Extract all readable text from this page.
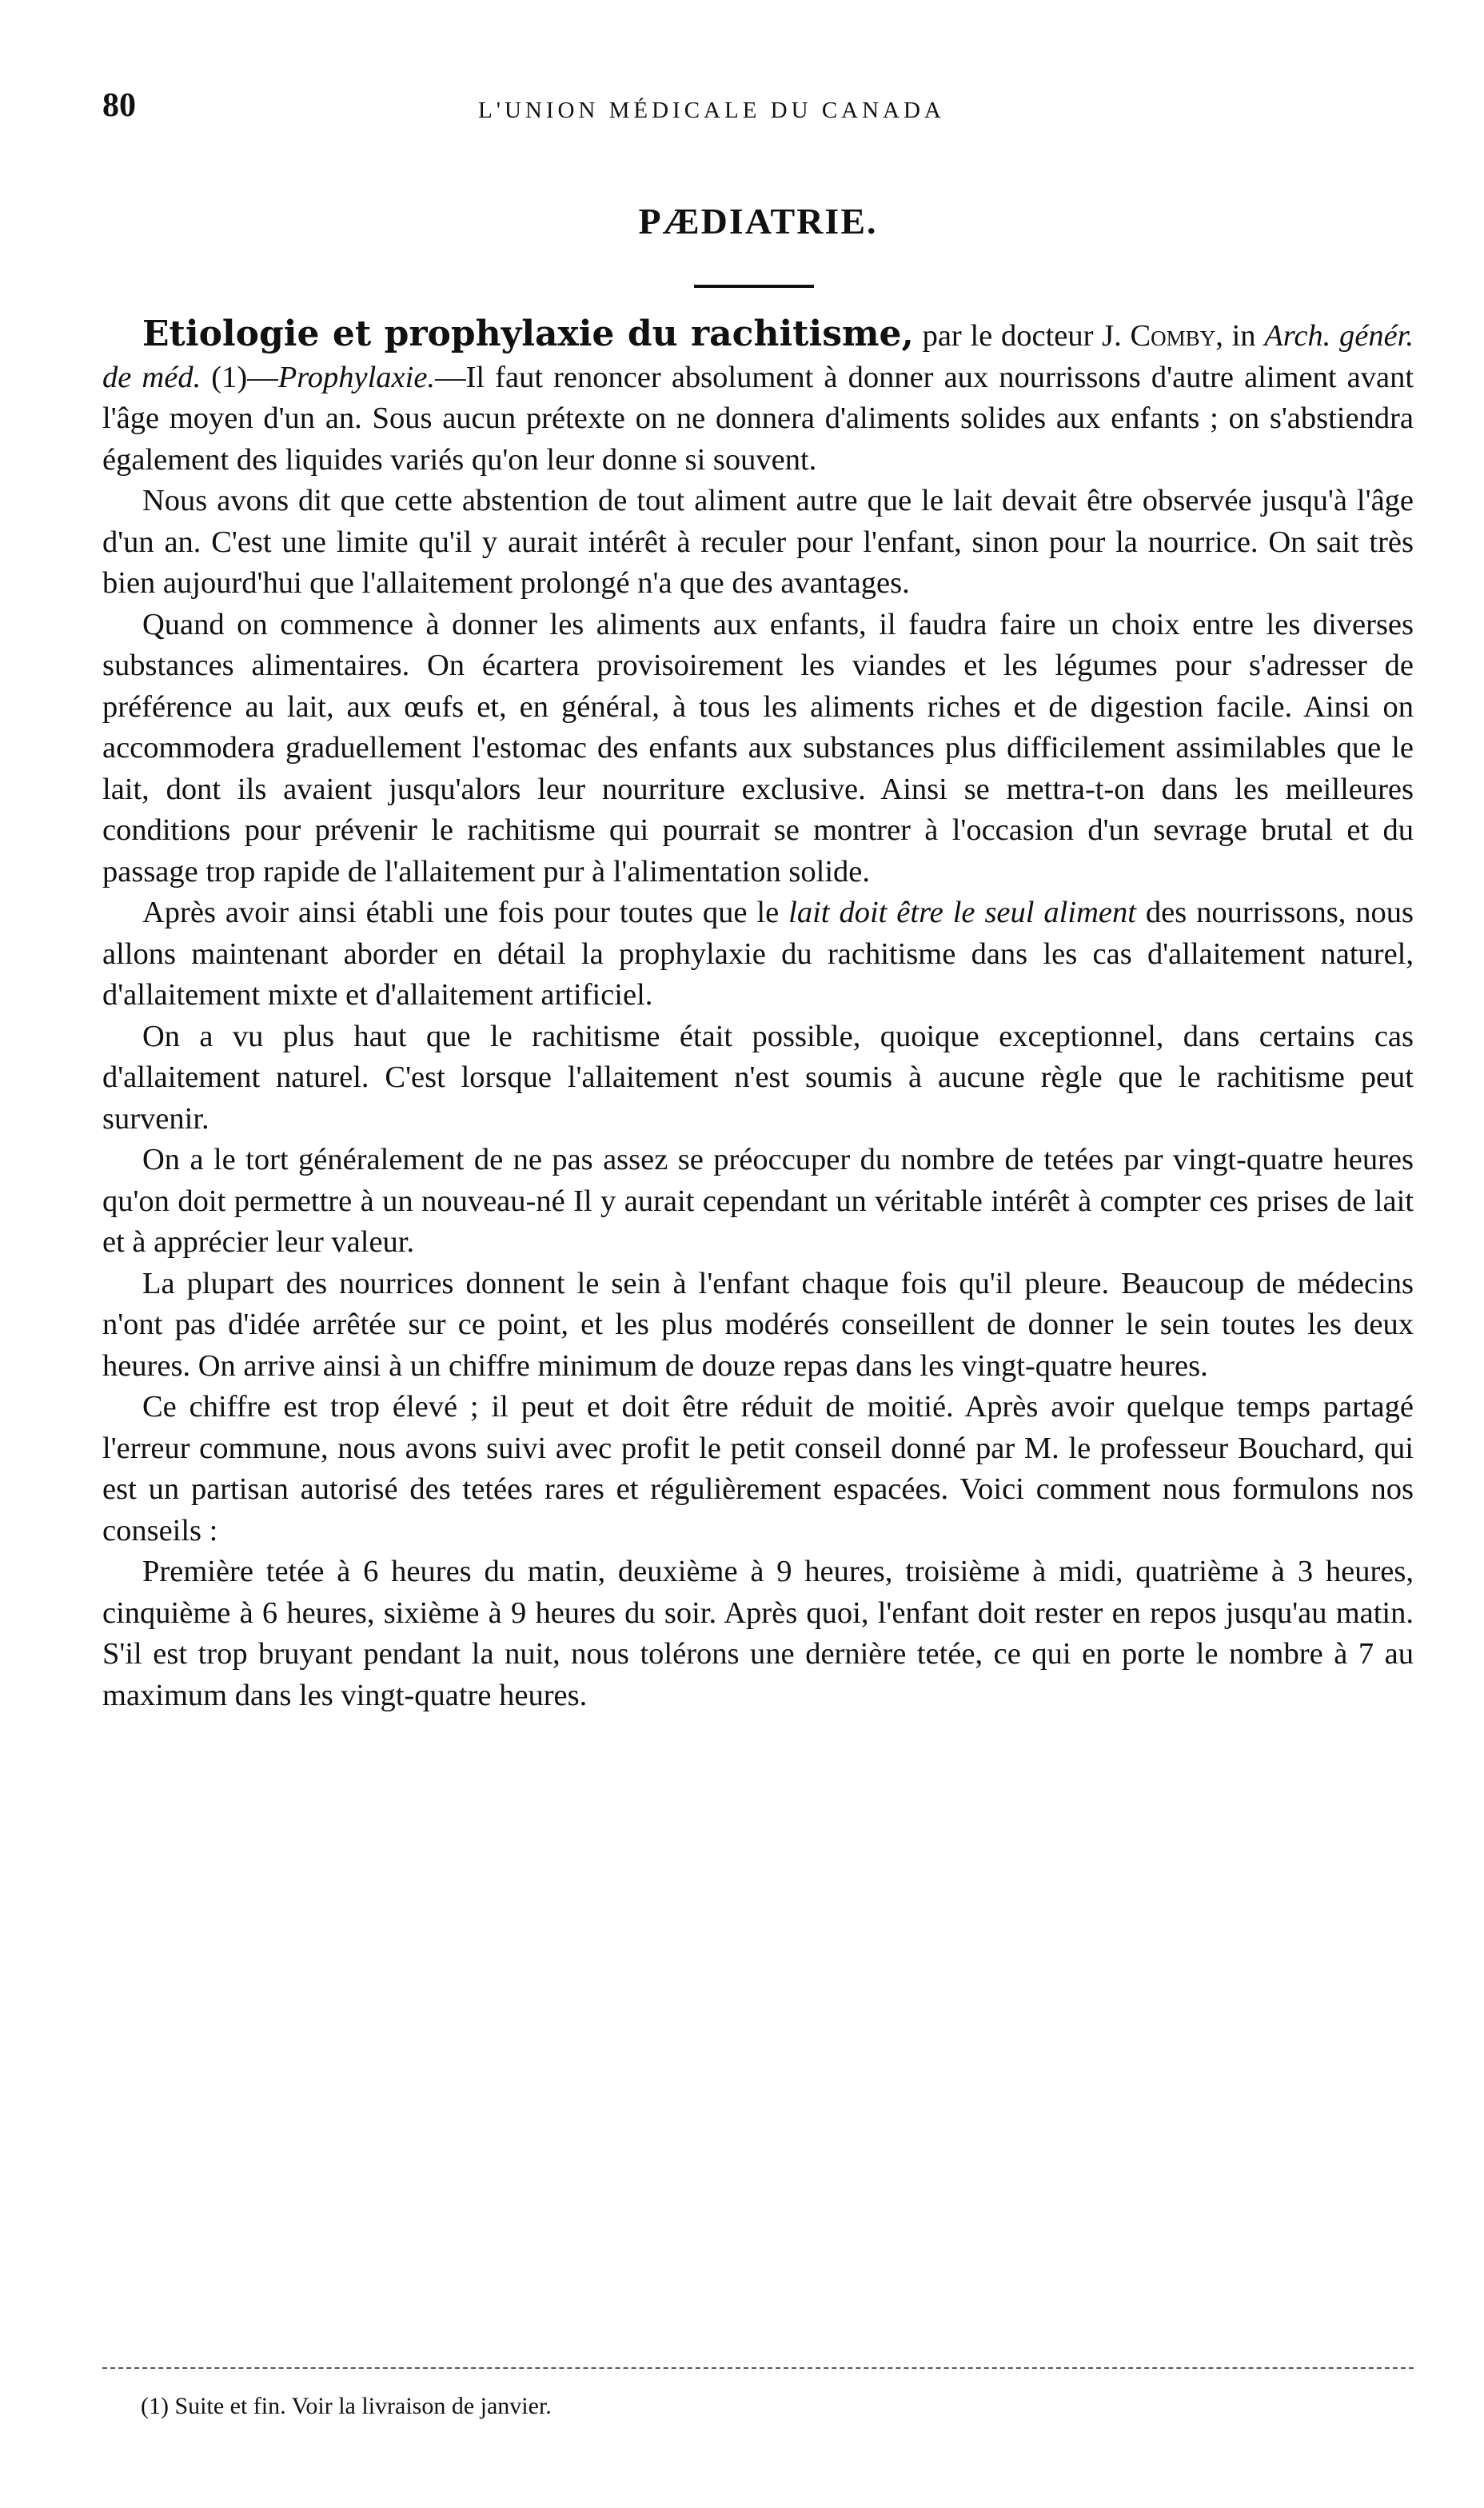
80	L'UNION MÉDICALE DU CANADA
PÆDIATRIE.

Etiologie et prophylaxie du rachitisme, par le docteur J. Comby, in Arch. génér. de méd. (1)—Prophylaxie.—Il faut renoncer absolument à donner aux nourrissons d'autre aliment avant l'âge moyen d'un an. Sous aucun prétexte on ne donnera d'aliments solides aux enfants ; on s'abstiendra également des liquides variés qu'on leur donne si souvent.

Nous avons dit que cette abstention de tout aliment autre que le lait devait être observée jusqu'à l'âge d'un an. C'est une limite qu'il y aurait intérêt à reculer pour l'enfant, sinon pour la nourrice. On sait très bien aujourd'hui que l'allaitement prolongé n'a que des avantages.

Quand on commence à donner les aliments aux enfants, il faudra faire un choix entre les diverses substances alimentaires. On écartera provisoirement les viandes et les légumes pour s'adresser de préférence au lait, aux œufs et, en général, à tous les aliments riches et de digestion facile. Ainsi on accommodera graduellement l'estomac des enfants aux substances plus difficilement assimilables que le lait, dont ils avaient jusqu'alors leur nourriture exclusive. Ainsi se mettra-t-on dans les meilleures conditions pour prévenir le rachitisme qui pourrait se montrer à l'occasion d'un sevrage brutal et du passage trop rapide de l'allaitement pur à l'alimentation solide.

Après avoir ainsi établi une fois pour toutes que le lait doit être le seul aliment des nourrissons, nous allons maintenant aborder en détail la prophylaxie du rachitisme dans les cas d'allaitement naturel, d'allaitement mixte et d'allaitement artificiel.

On a vu plus haut que le rachitisme était possible, quoique exceptionnel, dans certains cas d'allaitement naturel. C'est lorsque l'allaitement n'est soumis à aucune règle que le rachitisme peut survenir.

On a le tort généralement de ne pas assez se préoccuper du nombre de tetées par vingt-quatre heures qu'on doit permettre à un nouveau-né Il y aurait cependant un véritable intérêt à compter ces prises de lait et à apprécier leur valeur.

La plupart des nourrices donnent le sein à l'enfant chaque fois qu'il pleure. Beaucoup de médecins n'ont pas d'idée arrêtée sur ce point, et les plus modérés conseillent de donner le sein toutes les deux heures. On arrive ainsi à un chiffre minimum de douze repas dans les vingt-quatre heures.

Ce chiffre est trop élevé ; il peut et doit être réduit de moitié. Après avoir quelque temps partagé l'erreur commune, nous avons suivi avec profit le petit conseil donné par M. le professeur Bouchard, qui est un partisan autorisé des tetées rares et régulièrement espacées. Voici comment nous formulons nos conseils :

Première tetée à 6 heures du matin, deuxième à 9 heures, troisième à midi, quatrième à 3 heures, cinquième à 6 heures, sixième à 9 heures du soir. Après quoi, l'enfant doit rester en repos jusqu'au matin. S'il est trop bruyant pendant la nuit, nous tolérons une dernière tetée, ce qui en porte le nombre à 7 au maximum dans les vingt-quatre heures.

(1) Suite et fin. Voir la livraison de janvier.
